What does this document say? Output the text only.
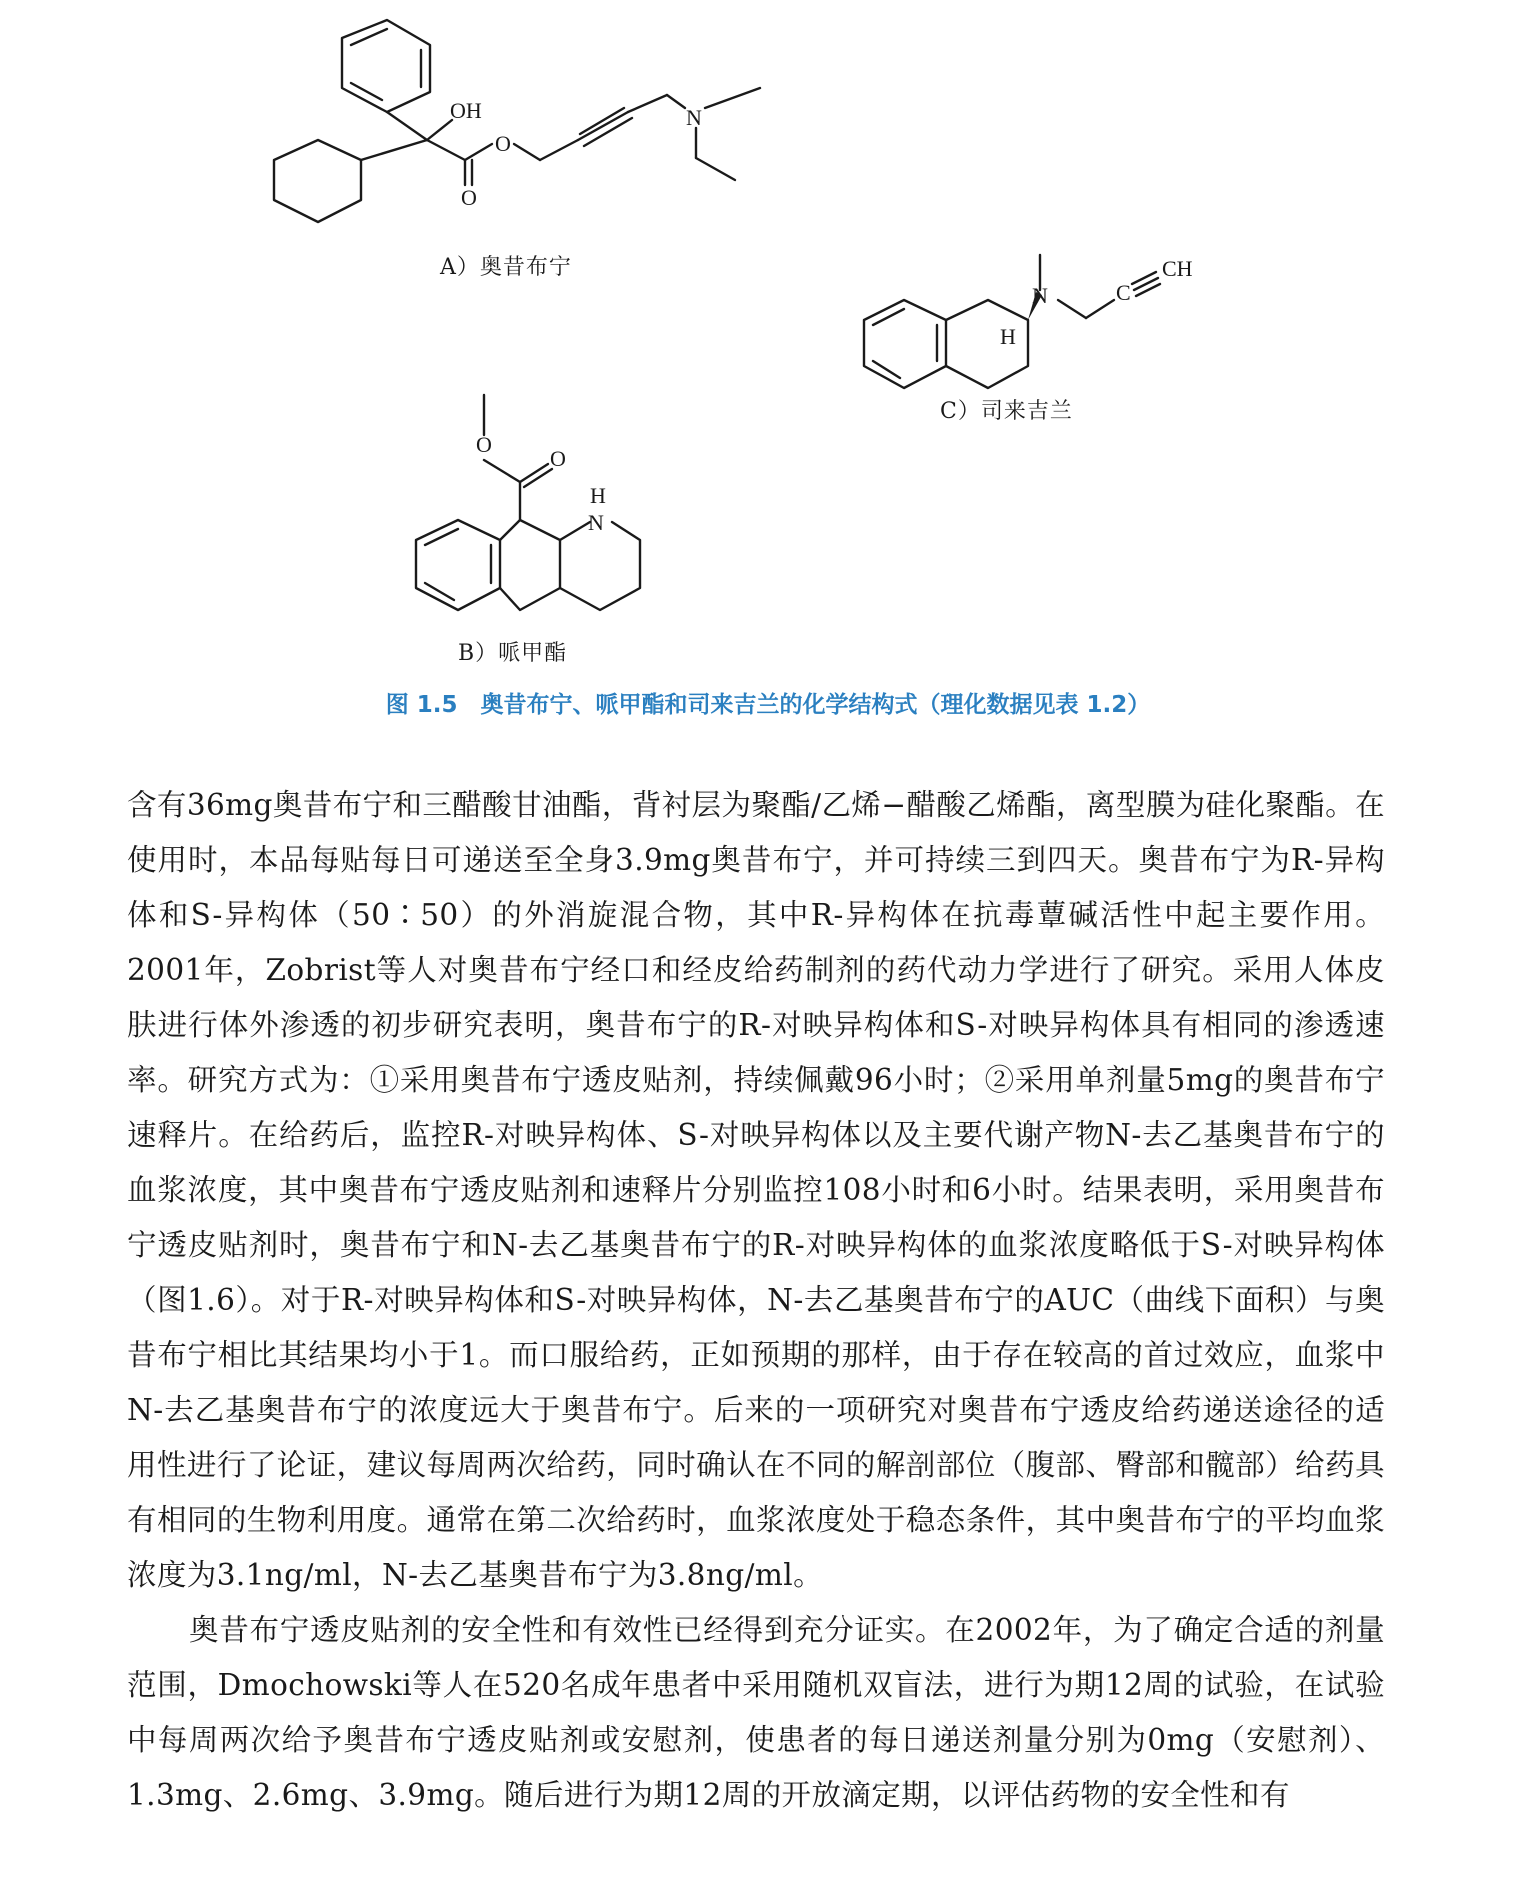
OH
O
O
N
H
N
O
O
N
H
C
CH
A）奥昔布宁
C）司来吉兰
B）哌甲酯
图 1.5　奥昔布宁、哌甲酯和司来吉兰的化学结构式（理化数据见表 1.2）

含有36mg奥昔布宁和三醋酸甘油酯，背衬层为聚酯/乙烯−醋酸乙烯酯，离型膜为硅化聚酯。在使用时，本品每贴每日可递送至全身3.9mg奥昔布宁，并可持续三到四天。奥昔布宁为R-异构体和S-异构体（50∶50）的外消旋混合物，其中R-异构体在抗毒蕈碱活性中起主要作用。2001年，Zobrist等人对奥昔布宁经口和经皮给药制剂的药代动力学进行了研究。采用人体皮肤进行体外渗透的初步研究表明，奥昔布宁的R-对映异构体和S-对映异构体具有相同的渗透速率。研究方式为：①采用奥昔布宁透皮贴剂，持续佩戴96小时；②采用单剂量5mg的奥昔布宁速释片。在给药后，监控R-对映异构体、S-对映异构体以及主要代谢产物N-去乙基奥昔布宁的血浆浓度，其中奥昔布宁透皮贴剂和速释片分别监控108小时和6小时。结果表明，采用奥昔布宁透皮贴剂时，奥昔布宁和N-去乙基奥昔布宁的R-对映异构体的血浆浓度略低于S-对映异构体（图1.6）。对于R-对映异构体和S-对映异构体，N-去乙基奥昔布宁的AUC（曲线下面积）与奥昔布宁相比其结果均小于1。而口服给药，正如预期的那样，由于存在较高的首过效应，血浆中N-去乙基奥昔布宁的浓度远大于奥昔布宁。后来的一项研究对奥昔布宁透皮给药递送途径的适用性进行了论证，建议每周两次给药，同时确认在不同的解剖部位（腹部、臀部和髋部）给药具有相同的生物利用度。通常在第二次给药时，血浆浓度处于稳态条件，其中奥昔布宁的平均血浆浓度为3.1ng/ml，N-去乙基奥昔布宁为3.8ng/ml。

奥昔布宁透皮贴剂的安全性和有效性已经得到充分证实。在2002年，为了确定合适的剂量范围，Dmochowski等人在520名成年患者中采用随机双盲法，进行为期12周的试验，在试验中每周两次给予奥昔布宁透皮贴剂或安慰剂，使患者的每日递送剂量分别为0mg（安慰剂）、1.3mg、2.6mg、3.9mg。随后进行为期12周的开放滴定期，以评估药物的安全性和有
